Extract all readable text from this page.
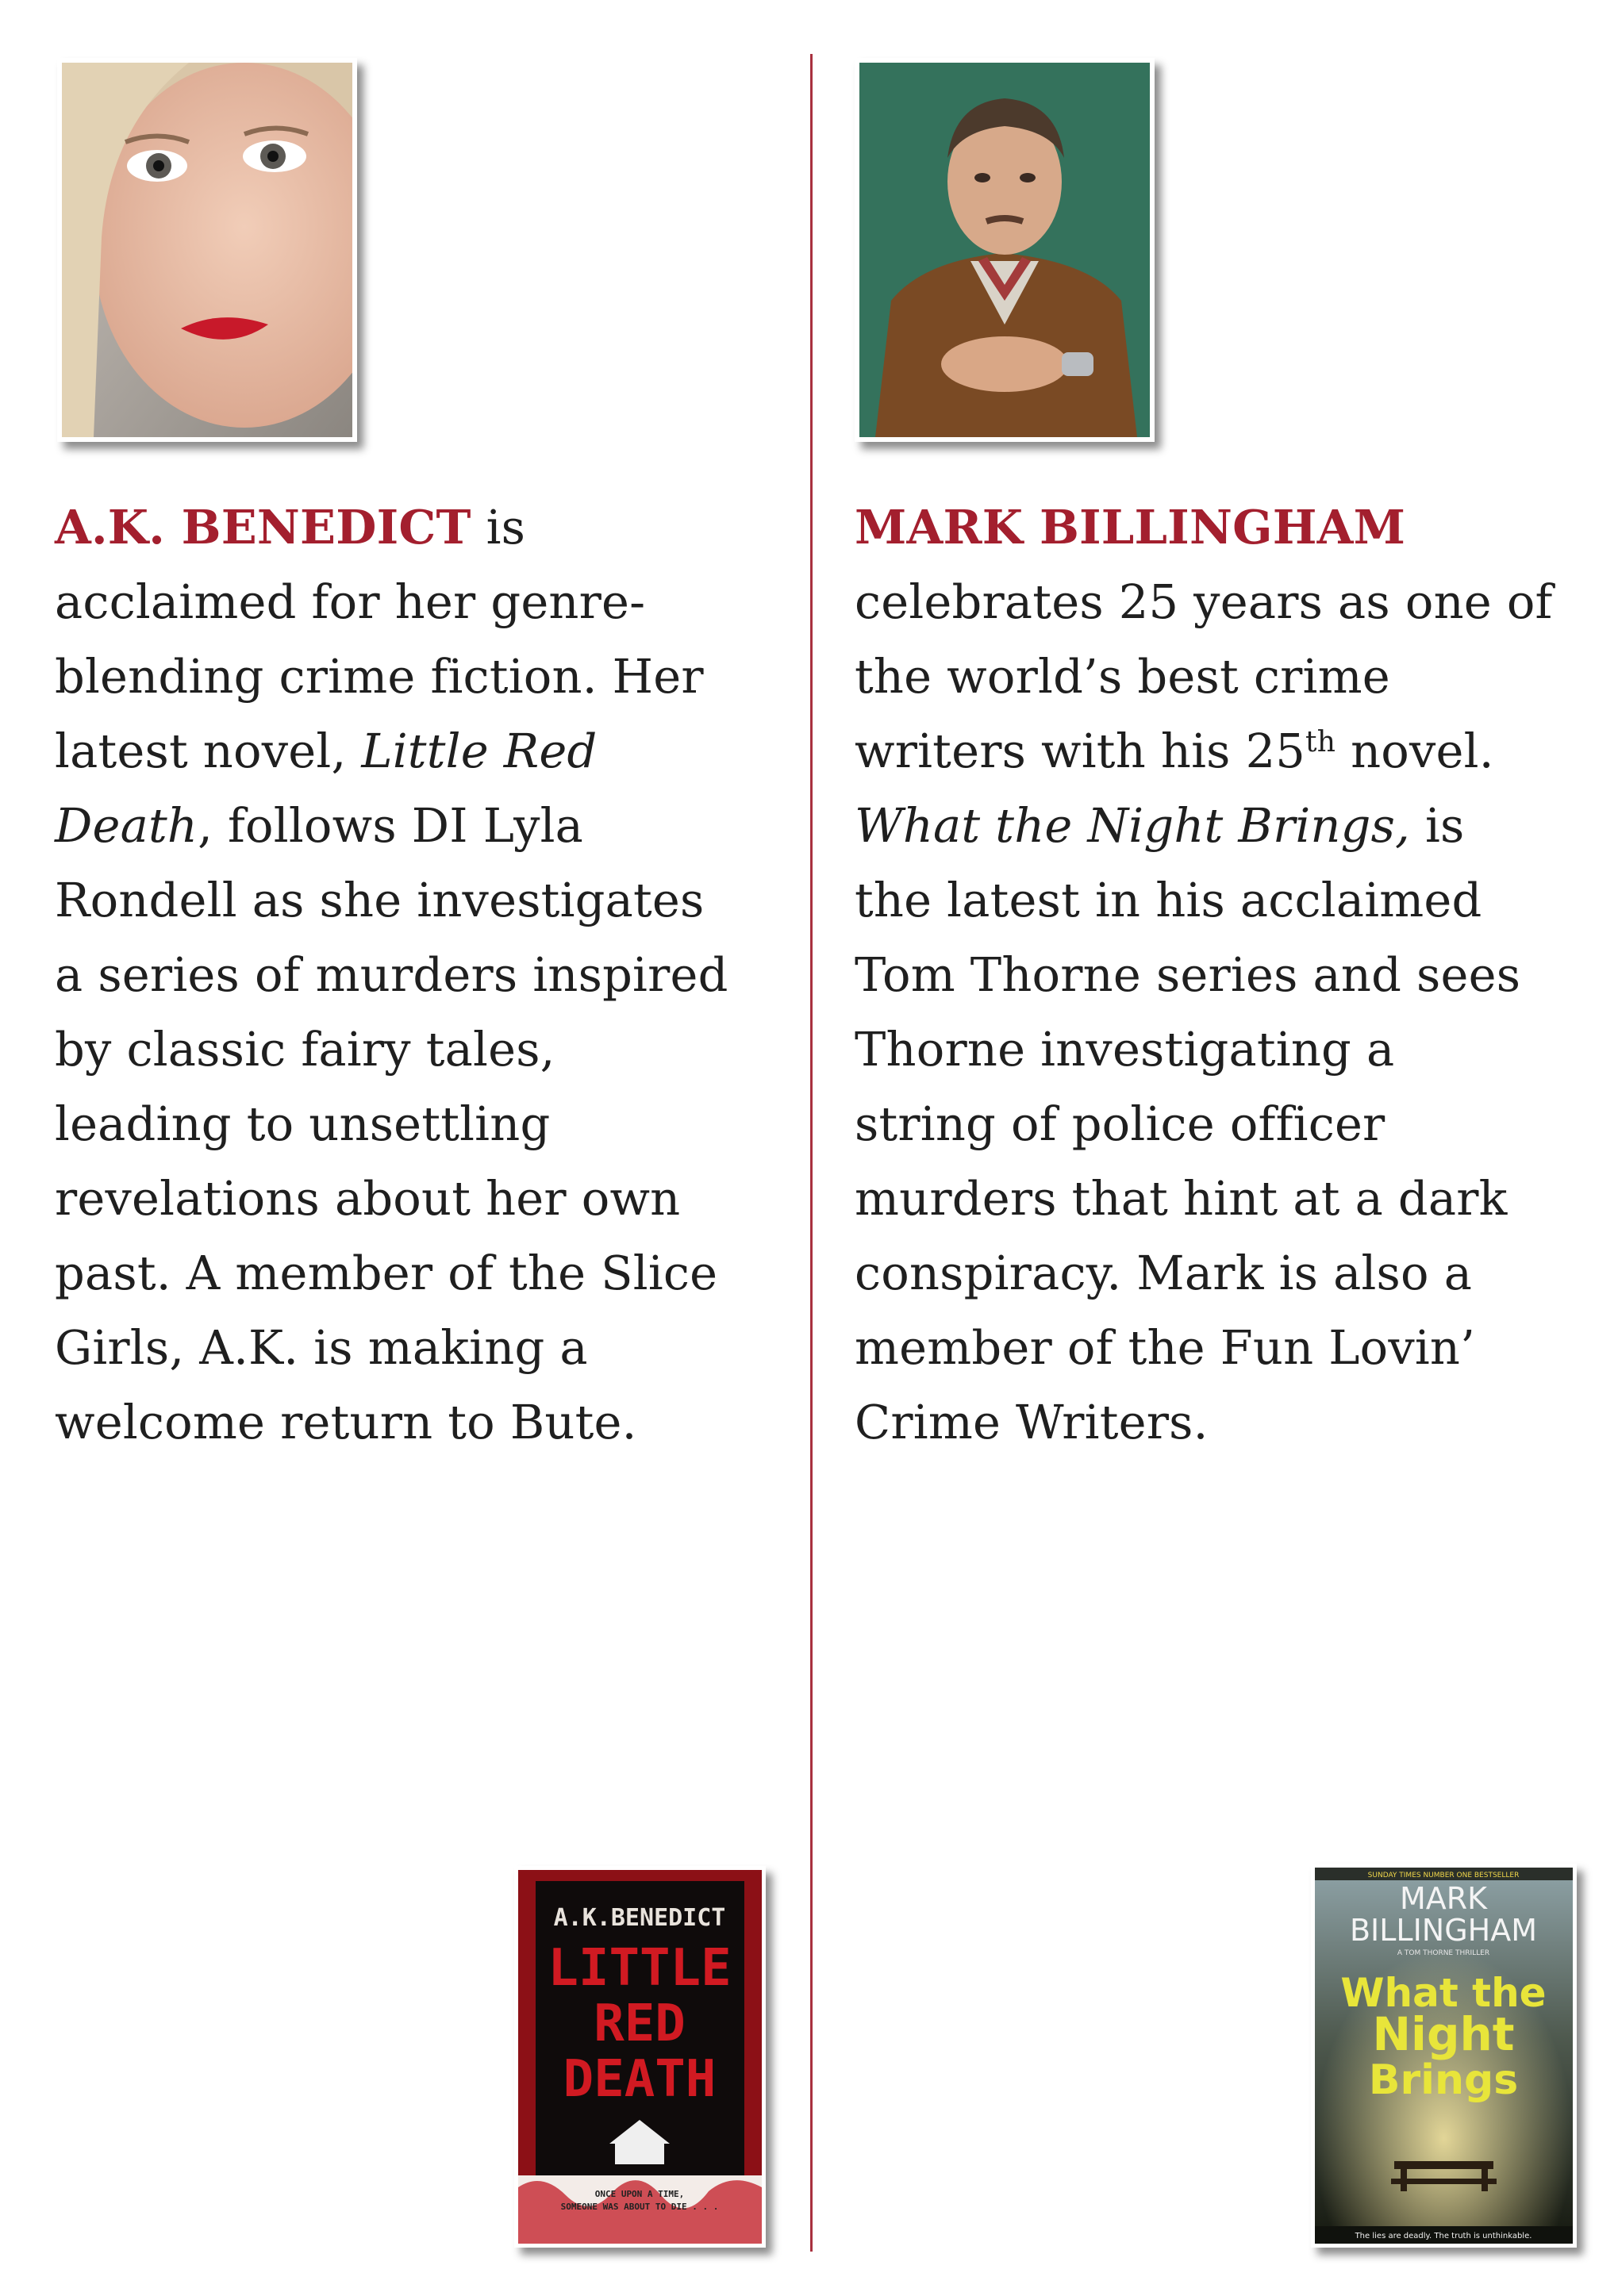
A.K. BENEDICT is
acclaimed for her genre-
blending crime fiction. Her
latest novel, Little Red
Death, follows DI Lyla
Rondell as she investigates
a series of murders inspired
by classic fairy tales,
leading to unsettling
revelations about her own
past. A member of the Slice
Girls, A.K. is making a
welcome return to Bute.
MARK BILLINGHAM
celebrates 25 years as one of
the world’s best crime
writers with his 25th novel.
What the Night Brings, is
the latest in his acclaimed
Tom Thorne series and sees
Thorne investigating a
string of police officer
murders that hint at a dark
conspiracy. Mark is also a
member of the Fun Lovin’
Crime Writers.
A.K.BENEDICT
LITTLE
RED
DEATH
ONCE UPON A TIME,
SOMEONE WAS ABOUT TO DIE . . .
SUNDAY TIMES NUMBER ONE BESTSELLER
MARK
BILLINGHAM
A TOM THORNE THRILLER
What the
Night
Brings
The lies are deadly. The truth is unthinkable.
